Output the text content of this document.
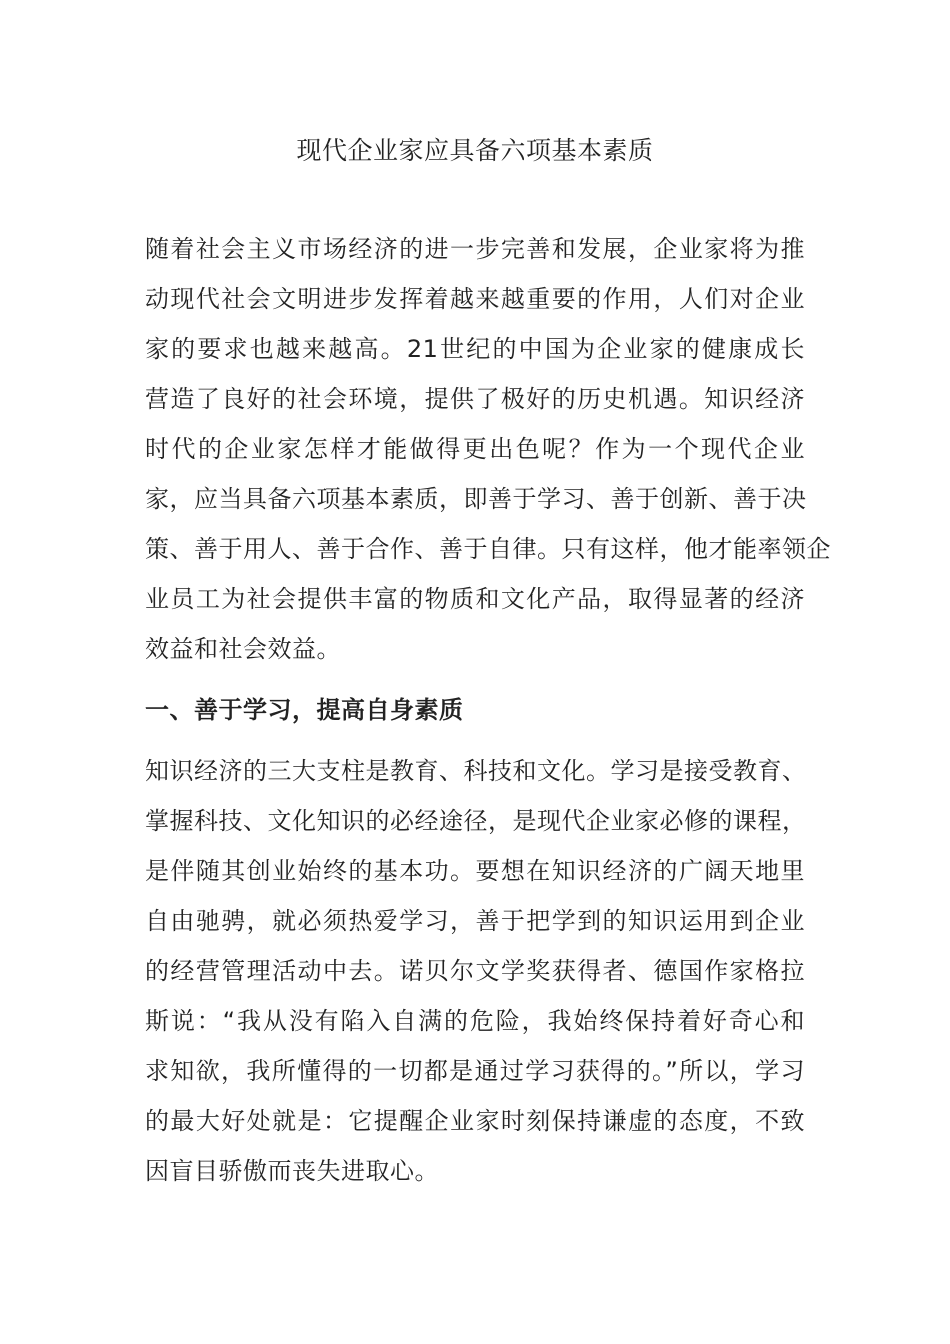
现代企业家应具备六项基本素质
随着社会主义市场经济的进一步完善和发展，企业家将为推
动现代社会文明进步发挥着越来越重要的作用，人们对企业
家的要求也越来越高。21世纪的中国为企业家的健康成长
营造了良好的社会环境，提供了极好的历史机遇。知识经济
时代的企业家怎样才能做得更出色呢？作为一个现代企业
家，应当具备六项基本素质，即善于学习、善于创新、善于决
策、善于用人、善于合作、善于自律。只有这样，他才能率领企
业员工为社会提供丰富的物质和文化产品，取得显著的经济
效益和社会效益。
一、善于学习，提高自身素质
知识经济的三大支柱是教育、科技和文化。学习是接受教育、
掌握科技、文化知识的必经途径，是现代企业家必修的课程，
是伴随其创业始终的基本功。要想在知识经济的广阔天地里
自由驰骋，就必须热爱学习，善于把学到的知识运用到企业
的经营管理活动中去。诺贝尔文学奖获得者、德国作家格拉
斯说：“我从没有陷入自满的危险，我始终保持着好奇心和
求知欲，我所懂得的一切都是通过学习获得的。”所以，学习
的最大好处就是：它提醒企业家时刻保持谦虚的态度，不致
因盲目骄傲而丧失进取心。
